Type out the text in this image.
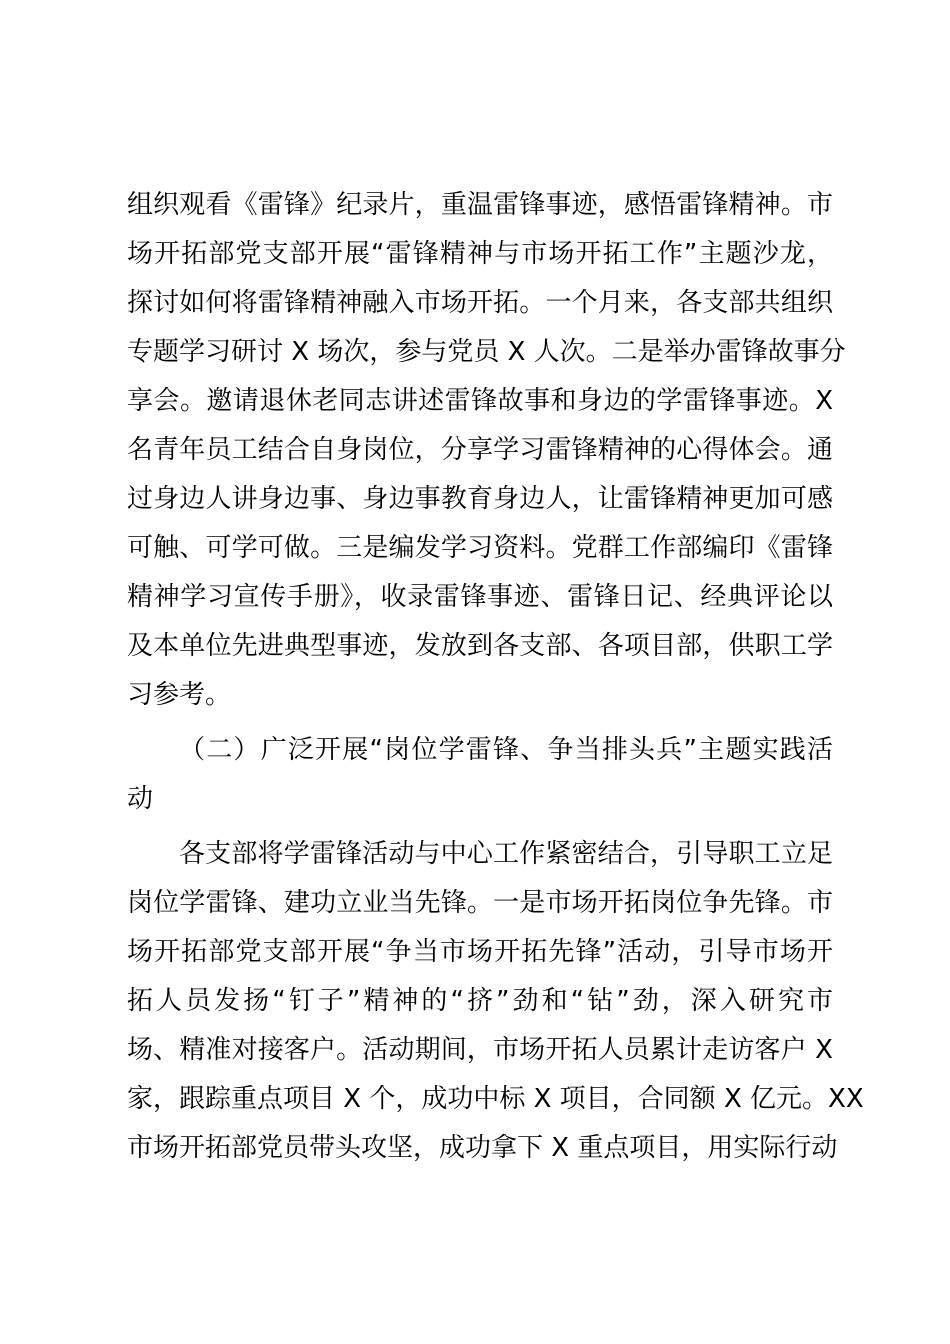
组织观看《雷锋》纪录片，重温雷锋事迹，感悟雷锋精神。市
场开拓部党支部开展“雷锋精神与市场开拓工作”主题沙龙，
探讨如何将雷锋精神融入市场开拓。一个月来，各支部共组织
专题学习研讨 X 场次，参与党员 X 人次。二是举办雷锋故事分
享会。邀请退休老同志讲述雷锋故事和身边的学雷锋事迹。X
名青年员工结合自身岗位，分享学习雷锋精神的心得体会。通
过身边人讲身边事、身边事教育身边人，让雷锋精神更加可感
可触、可学可做。三是编发学习资料。党群工作部编印《雷锋
精神学习宣传手册》，收录雷锋事迹、雷锋日记、经典评论以
及本单位先进典型事迹，发放到各支部、各项目部，供职工学
习参考。
（二）广泛开展“岗位学雷锋、争当排头兵”主题实践活
动
各支部将学雷锋活动与中心工作紧密结合，引导职工立足
岗位学雷锋、建功立业当先锋。一是市场开拓岗位争先锋。市
场开拓部党支部开展“争当市场开拓先锋”活动，引导市场开
拓人员发扬“钉子”精神的“挤”劲和“钻”劲，深入研究市
场、精准对接客户。活动期间，市场开拓人员累计走访客户 X
家，跟踪重点项目 X 个，成功中标 X 项目，合同额 X 亿元。XX
市场开拓部党员带头攻坚，成功拿下 X 重点项目，用实际行动
